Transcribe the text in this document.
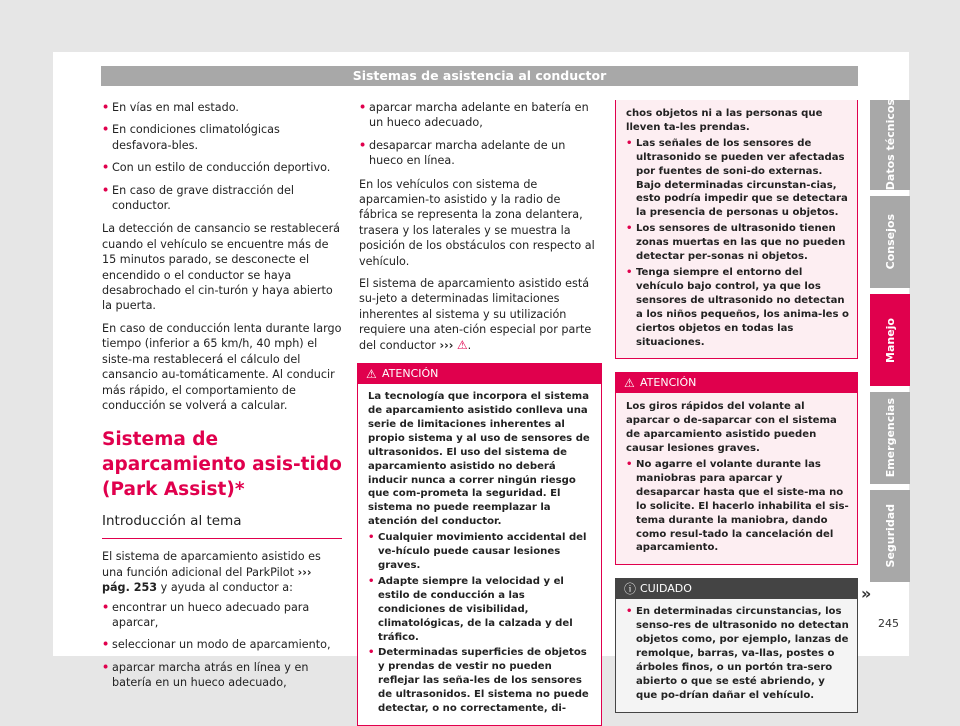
Sistemas de asistencia al conductor

• En vías en mal estado.

• En condiciones climatológicas desfavora-bles.

• Con un estilo de conducción deportivo.

• En caso de grave distracción del conductor.

La detección de cansancio se restablecerá cuando el vehículo se encuentre más de 15 minutos parado, se desconecte el encendido o el conductor se haya desabrochado el cin-turón y haya abierto la puerta.

En caso de conducción lenta durante largo tiempo (inferior a 65 km/h, 40 mph) el siste-ma restablecerá el cálculo del cansancio au-tomáticamente. Al conducir más rápido, el comportamiento de conducción se volverá a calcular.

Sistema de aparcamiento asis-tido (Park Assist)*
Introducción al tema

El sistema de aparcamiento asistido es una función adicional del ParkPilot ››› pág. 253 y ayuda al conductor a:

• encontrar un hueco adecuado para aparcar,

• seleccionar un modo de aparcamiento,

• aparcar marcha atrás en línea y en batería en un hueco adecuado,

• aparcar marcha adelante en batería en un hueco adecuado,

• desaparcar marcha adelante de un hueco en línea.

En los vehículos con sistema de aparcamien-to asistido y la radio de fábrica se representa la zona delantera, trasera y los laterales y se muestra la posición de los obstáculos con respecto al vehículo.

El sistema de aparcamiento asistido está su-jeto a determinadas limitaciones inherentes al sistema y su utilización requiere una aten-ción especial por parte del conductor ››› ⚠.

⚠ ATENCIÓN

La tecnología que incorpora el sistema de aparcamiento asistido conlleva una serie de limitaciones inherentes al propio sistema y al uso de sensores de ultrasonidos. El uso del sistema de aparcamiento asistido no deberá inducir nunca a correr ningún riesgo que com-prometa la seguridad. El sistema no puede reemplazar la atención del conductor.

• Cualquier movimiento accidental del ve-hículo puede causar lesiones graves.

• Adapte siempre la velocidad y el estilo de conducción a las condiciones de visibilidad, climatológicas, de la calzada y del tráfico.

• Determinadas superficies de objetos y prendas de vestir no pueden reflejar las seña-les de los sensores de ultrasonidos. El sistema no puede detectar, o no correctamente, di-

chos objetos ni a las personas que lleven ta-les prendas.

• Las señales de los sensores de ultrasonido se pueden ver afectadas por fuentes de soni-do externas. Bajo determinadas circunstan-cias, esto podría impedir que se detectara la presencia de personas u objetos.

• Los sensores de ultrasonido tienen zonas muertas en las que no pueden detectar per-sonas ni objetos.

• Tenga siempre el entorno del vehículo bajo control, ya que los sensores de ultrasonido no detectan a los niños pequeños, los anima-les o ciertos objetos en todas las situaciones.

⚠ ATENCIÓN

Los giros rápidos del volante al aparcar o de-saparcar con el sistema de aparcamiento asistido pueden causar lesiones graves.

• No agarre el volante durante las maniobras para aparcar y desaparcar hasta que el siste-ma no lo solicite. El hacerlo inhabilita el sis-tema durante la maniobra, dando como resul-tado la cancelación del aparcamiento.

ⓘ CUIDADO

• En determinadas circunstancias, los senso-res de ultrasonido no detectan objetos como, por ejemplo, lanzas de remolque, barras, va-llas, postes o árboles finos, o un portón tra-sero abierto o que se esté abriendo, y que po-drían dañar el vehículo.

Datos técnicos
Consejos
Manejo
Emergencias
Seguridad
»
245
